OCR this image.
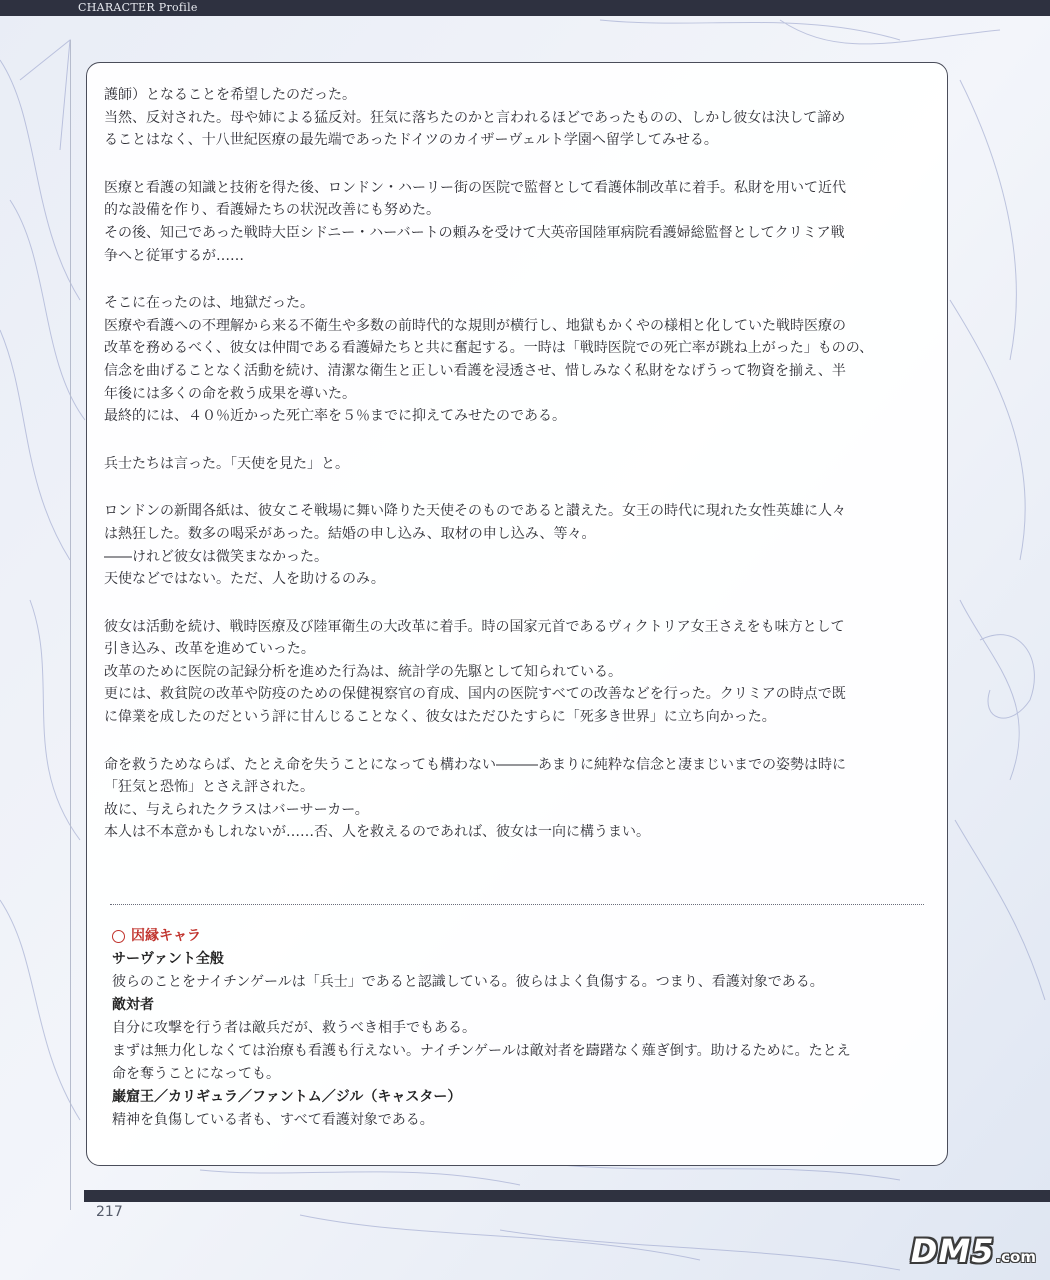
CHARACTER Profile
護師）となることを希望したのだった。
当然、反対された。母や姉による猛反対。狂気に落ちたのかと言われるほどであったものの、しかし彼女は決して諦め
ることはなく、十八世紀医療の最先端であったドイツのカイザーヴェルト学園へ留学してみせる。
医療と看護の知識と技術を得た後、ロンドン・ハーリー街の医院で監督として看護体制改革に着手。私財を用いて近代
的な設備を作り、看護婦たちの状況改善にも努めた。
その後、知己であった戦時大臣シドニー・ハーバートの頼みを受けて大英帝国陸軍病院看護婦総監督としてクリミア戦
争へと従軍するが……
そこに在ったのは、地獄だった。
医療や看護への不理解から来る不衛生や多数の前時代的な規則が横行し、地獄もかくやの様相と化していた戦時医療の
改革を務めるべく、彼女は仲間である看護婦たちと共に奮起する。一時は「戦時医院での死亡率が跳ね上がった」ものの、
信念を曲げることなく活動を続け、清潔な衛生と正しい看護を浸透させ、惜しみなく私財をなげうって物資を揃え、半
年後には多くの命を救う成果を導いた。
最終的には、４０％近かった死亡率を５％までに抑えてみせたのである。
兵士たちは言った。「天使を見た」と。
ロンドンの新聞各紙は、彼女こそ戦場に舞い降りた天使そのものであると讃えた。女王の時代に現れた女性英雄に人々
は熱狂した。数多の喝采があった。結婚の申し込み、取材の申し込み、等々。
――けれど彼女は微笑まなかった。
天使などではない。ただ、人を助けるのみ。
彼女は活動を続け、戦時医療及び陸軍衛生の大改革に着手。時の国家元首であるヴィクトリア女王さえをも味方として
引き込み、改革を進めていった。
改革のために医院の記録分析を進めた行為は、統計学の先駆として知られている。
更には、救貧院の改革や防疫のための保健視察官の育成、国内の医院すべての改善などを行った。クリミアの時点で既
に偉業を成したのだという評に甘んじることなく、彼女はただひたすらに「死多き世界」に立ち向かった。
命を救うためならば、たとえ命を失うことになっても構わない―――あまりに純粋な信念と凄まじいまでの姿勢は時に
「狂気と恐怖」とさえ評された。
故に、与えられたクラスはバーサーカー。
本人は不本意かもしれないが……否、人を救えるのであれば、彼女は一向に構うまい。
因縁キャラ
サーヴァント全般
彼らのことをナイチンゲールは「兵士」であると認識している。彼らはよく負傷する。つまり、看護対象である。
敵対者
自分に攻撃を行う者は敵兵だが、救うべき相手でもある。
まずは無力化しなくては治療も看護も行えない。ナイチンゲールは敵対者を躊躇なく薙ぎ倒す。助けるために。たとえ
命を奪うことになっても。
巌窟王／カリギュラ／ファントム／ジル（キャスター）
精神を負傷している者も、すべて看護対象である。
217
DM5 .com
